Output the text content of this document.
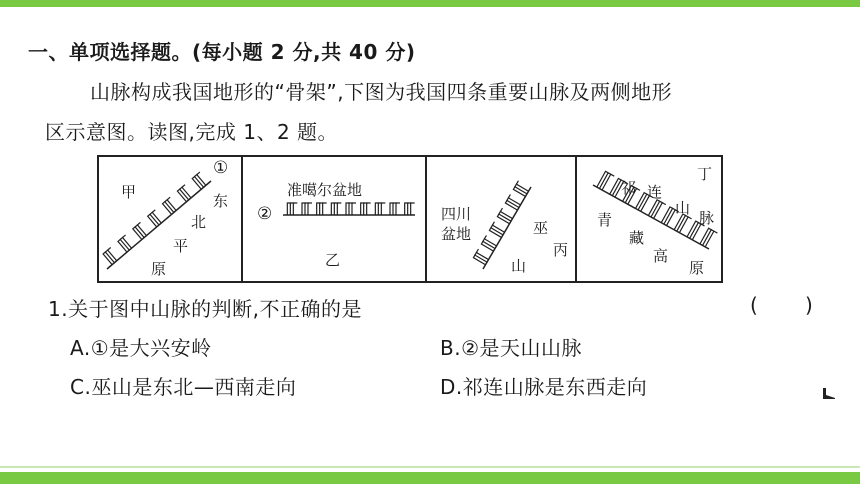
一、单项选择题。(每小题 2 分,共 40 分)
山脉构成我国地形的“骨架”,下图为我国四条重要山脉及两侧地形
区示意图。读图,完成 1、2 题。
①
甲	东
北
平
原
准噶尔盆地
②
乙
四川
盆地	巫
山
丙
丁
祁 连
山
脉
青
藏
高
原
1.关于图中山脉的判断,不正确的是	( )
A.①是大兴安岭	B.②是天山山脉
C.巫山是东北—西南走向	D.祁连山脉是东西走向
